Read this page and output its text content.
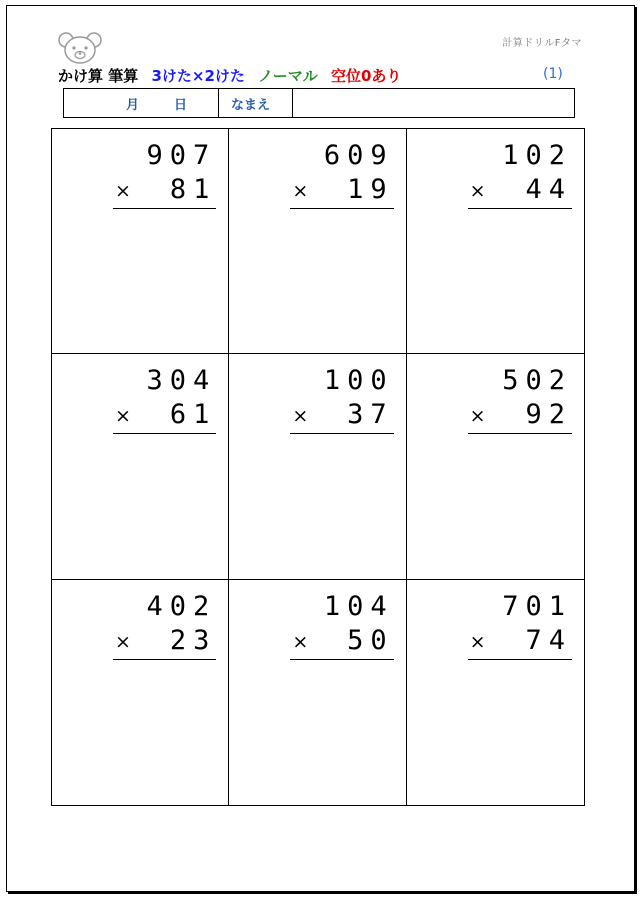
計算ドリルFタマ
かけ算 筆算 3けた×2けた ノーマル 空位0あり	(1)
月	日	なまえ
907
× 81
609
× 19
102
× 44
304
× 61
100
× 37
502
× 92
402
× 23
104
× 50
701
× 74
